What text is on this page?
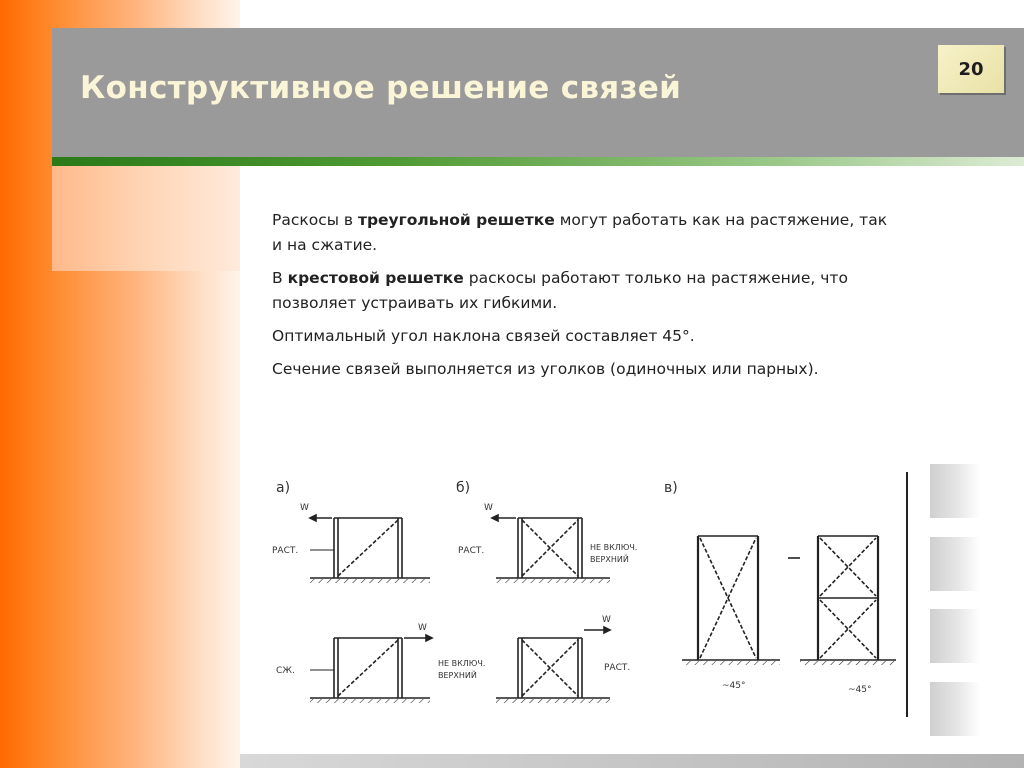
Конструктивное решение связей
20

Раскосы в треугольной решетке могут работать как на растяжение, так и на сжатие.

В крестовой решетке раскосы работают только на растяжение, что позволяет устраивать их гибкими.

Оптимальный угол наклона связей составляет 45°.

Сечение связей выполняется из уголков (одиночных или парных).

а)
W
РАСТ.
W
СЖ.
б)
W
РАСТ.	НЕ ВКЛЮЧ.
ВЕРХНИЙ
W
НЕ ВКЛЮЧ.
ВЕРХНИЙ
РАСТ.
в)
~45°	~45°
